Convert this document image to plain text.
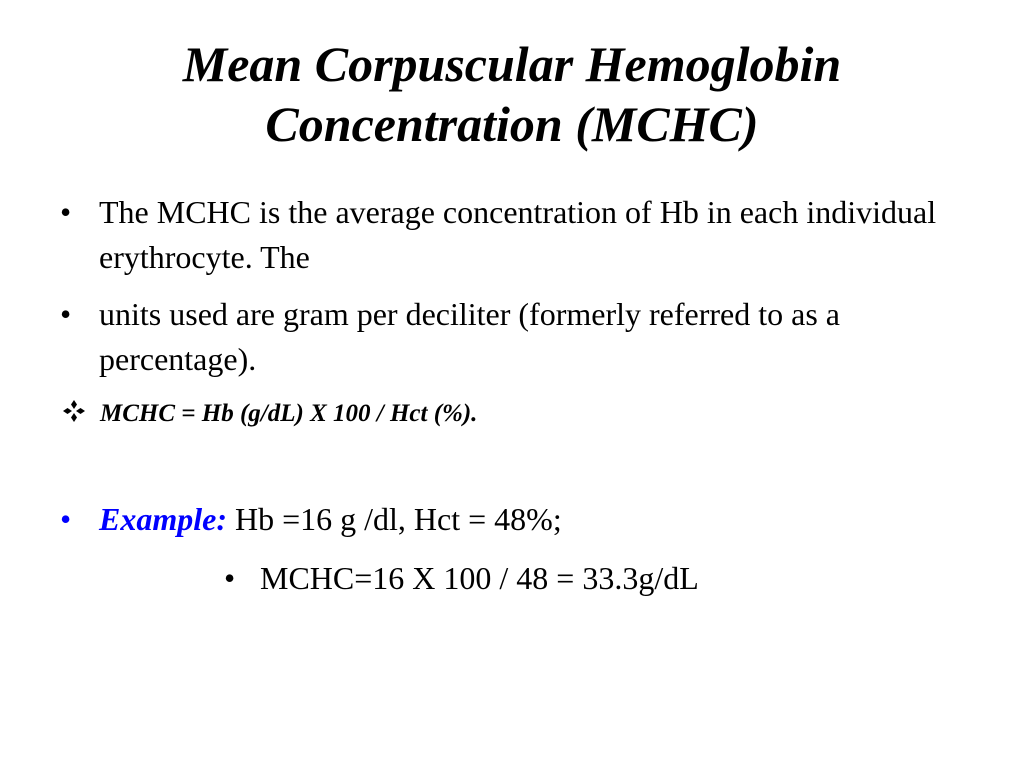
Mean Corpuscular Hemoglobin
Concentration (MCHC)
• The MCHC is the average concentration of Hb in each individual erythrocyte. The
• units used are gram per deciliter (formerly referred to as a percentage).
MCHC = Hb (g/dL) X 100 / Hct (%).
• Example: Hb =16 g /dl, Hct = 48%;
• MCHC=16 X 100 / 48 = 33.3g/dL
